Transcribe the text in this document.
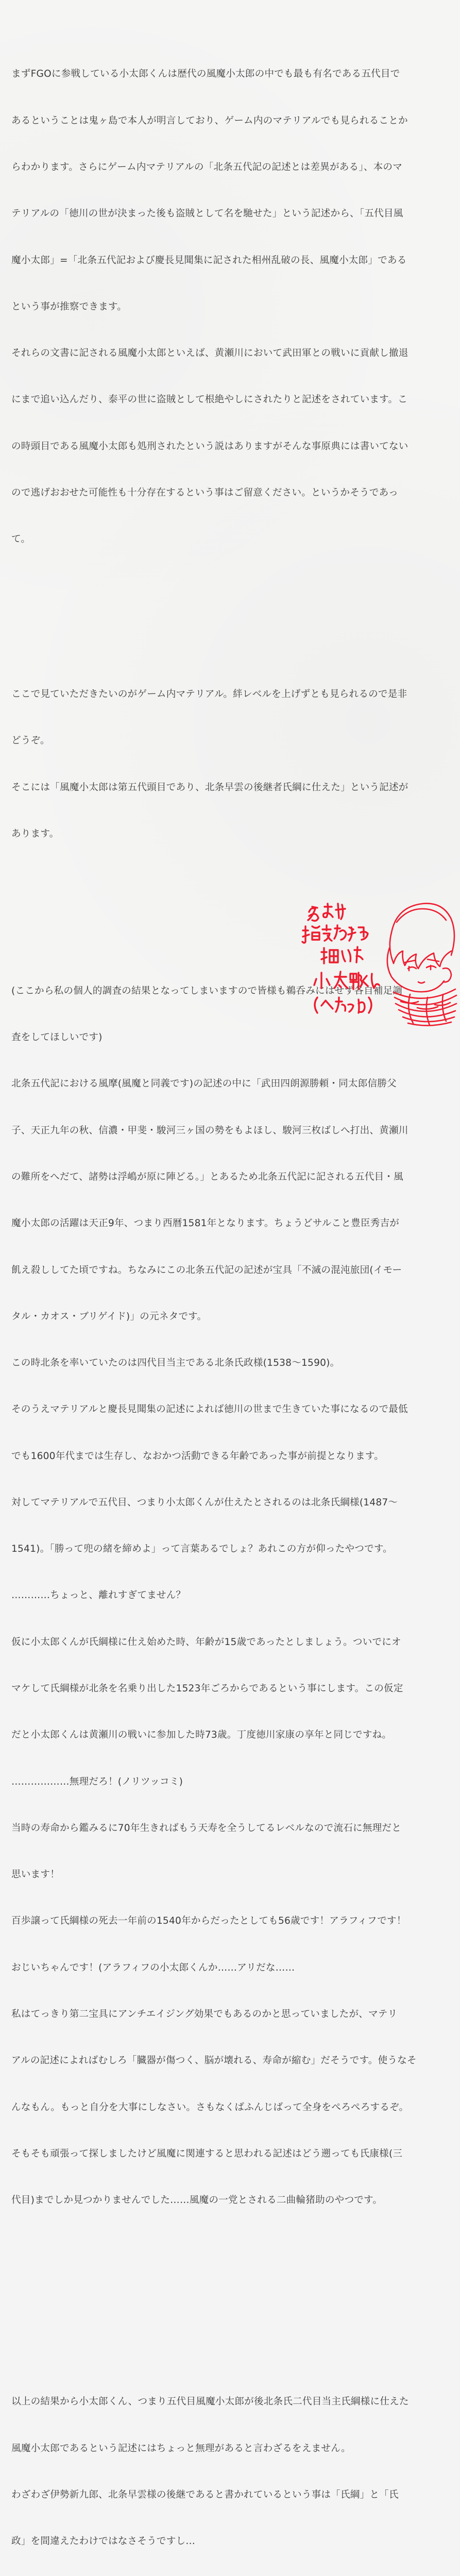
まずFGOに参戦している小太郎くんは歴代の風魔小太郎の中でも最も有名である五代目で

あるということは鬼ヶ島で本人が明言しており、ゲーム内のマテリアルでも見られることか

らわかります。さらにゲーム内マテリアルの「北条五代記の記述とは差異がある」、本のマ

テリアルの「徳川の世が決まった後も盗賊として名を馳せた」という記述から、「五代目風

魔小太郎」=「北条五代記および慶長見聞集に記された相州乱破の長、風魔小太郎」である

という事が推察できます。

それらの文書に記される風魔小太郎といえば、黄瀬川において武田軍との戦いに貢献し撤退

にまで追い込んだり、泰平の世に盗賊として根絶やしにされたりと記述をされています。こ

の時頭目である風魔小太郎も処刑されたという説はありますがそんな事原典には書いてない

ので逃げおおせた可能性も十分存在するという事はご留意ください。というかそうであっ

て。

ここで見ていただきたいのがゲーム内マテリアル。絆レベルを上げずとも見られるので是非

どうぞ。

そこには「風魔小太郎は第五代頭目であり、北条早雲の後継者氏綱に仕えた」という記述が

あります。

(ここから私の個人的調査の結果となってしまいますので皆様も鵜呑みにはせず各自補足調

査をしてほしいです)

北条五代記における風摩(風魔と同義です)の記述の中に「武田四朗源勝頼・同太郎信勝父

子、天正九年の秋、信濃・甲斐・駿河三ヶ国の勢をもよほし、駿河三枚ばしへ打出、黄瀬川

の難所をへだて、諸勢は浮嶋が原に陣どる。」とあるため北条五代記に記される五代目・風

魔小太郎の活躍は天正9年、つまり西暦1581年となります。ちょうどサルこと豊臣秀吉が

飢え殺ししてた頃ですね。ちなみにこの北条五代記の記述が宝具「不滅の混沌旅団(イモー

タル・カオス・ブリゲイド)」の元ネタです。

この時北条を率いていたのは四代目当主である北条氏政様(1538〜1590)。

そのうえマテリアルと慶長見聞集の記述によれば徳川の世まで生きていた事になるので最低

でも1600年代までは生存し、なおかつ活動できる年齢であった事が前提となります。

対してマテリアルで五代目、つまり小太郎くんが仕えたとされるのは北条氏綱様(1487〜

1541)。「勝って兜の緒を締めよ」って言葉あるでしょ？あれこの方が仰ったやつです。

…………ちょっと、離れすぎてません？

仮に小太郎くんが氏綱様に仕え始めた時、年齢が15歳であったとしましょう。ついでにオ

マケして氏綱様が北条を名乗り出した1523年ごろからであるという事にします。この仮定

だと小太郎くんは黄瀬川の戦いに参加した時73歳。丁度徳川家康の享年と同じですね。

………………無理だろ！(ノリツッコミ)

当時の寿命から鑑みるに70年生きればもう天寿を全うしてるレベルなので流石に無理だと

思います！

百歩譲って氏綱様の死去一年前の1540年からだったとしても56歳です！アラフィフです！

おじいちゃんです！(アラフィフの小太郎くんか……アリだな……

私はてっきり第二宝具にアンチエイジング効果でもあるのかと思っていましたが、マテリ

アルの記述によればむしろ「臓器が傷つく、脳が壊れる、寿命が縮む」だそうです。使うなそ

んなもん。もっと自分を大事にしなさい。さもなくばふんじばって全身をぺろぺろするぞ。

そもそも頑張って探しましたけど風魔に関連すると思われる記述はどう遡っても氏康様(三

代目)までしか見つかりませんでした……風魔の一党とされる二曲輪猪助のやつです。

以上の結果から小太郎くん、つまり五代目風魔小太郎が後北条氏二代目当主氏綱様に仕えた

風魔小太郎であるという記述にはちょっと無理があると言わざるをえません。

わざわざ伊勢新九郎、北条早雲様の後継であると書かれているという事は「氏綱」と「氏

政」を間違えたわけではなさそうですし…
